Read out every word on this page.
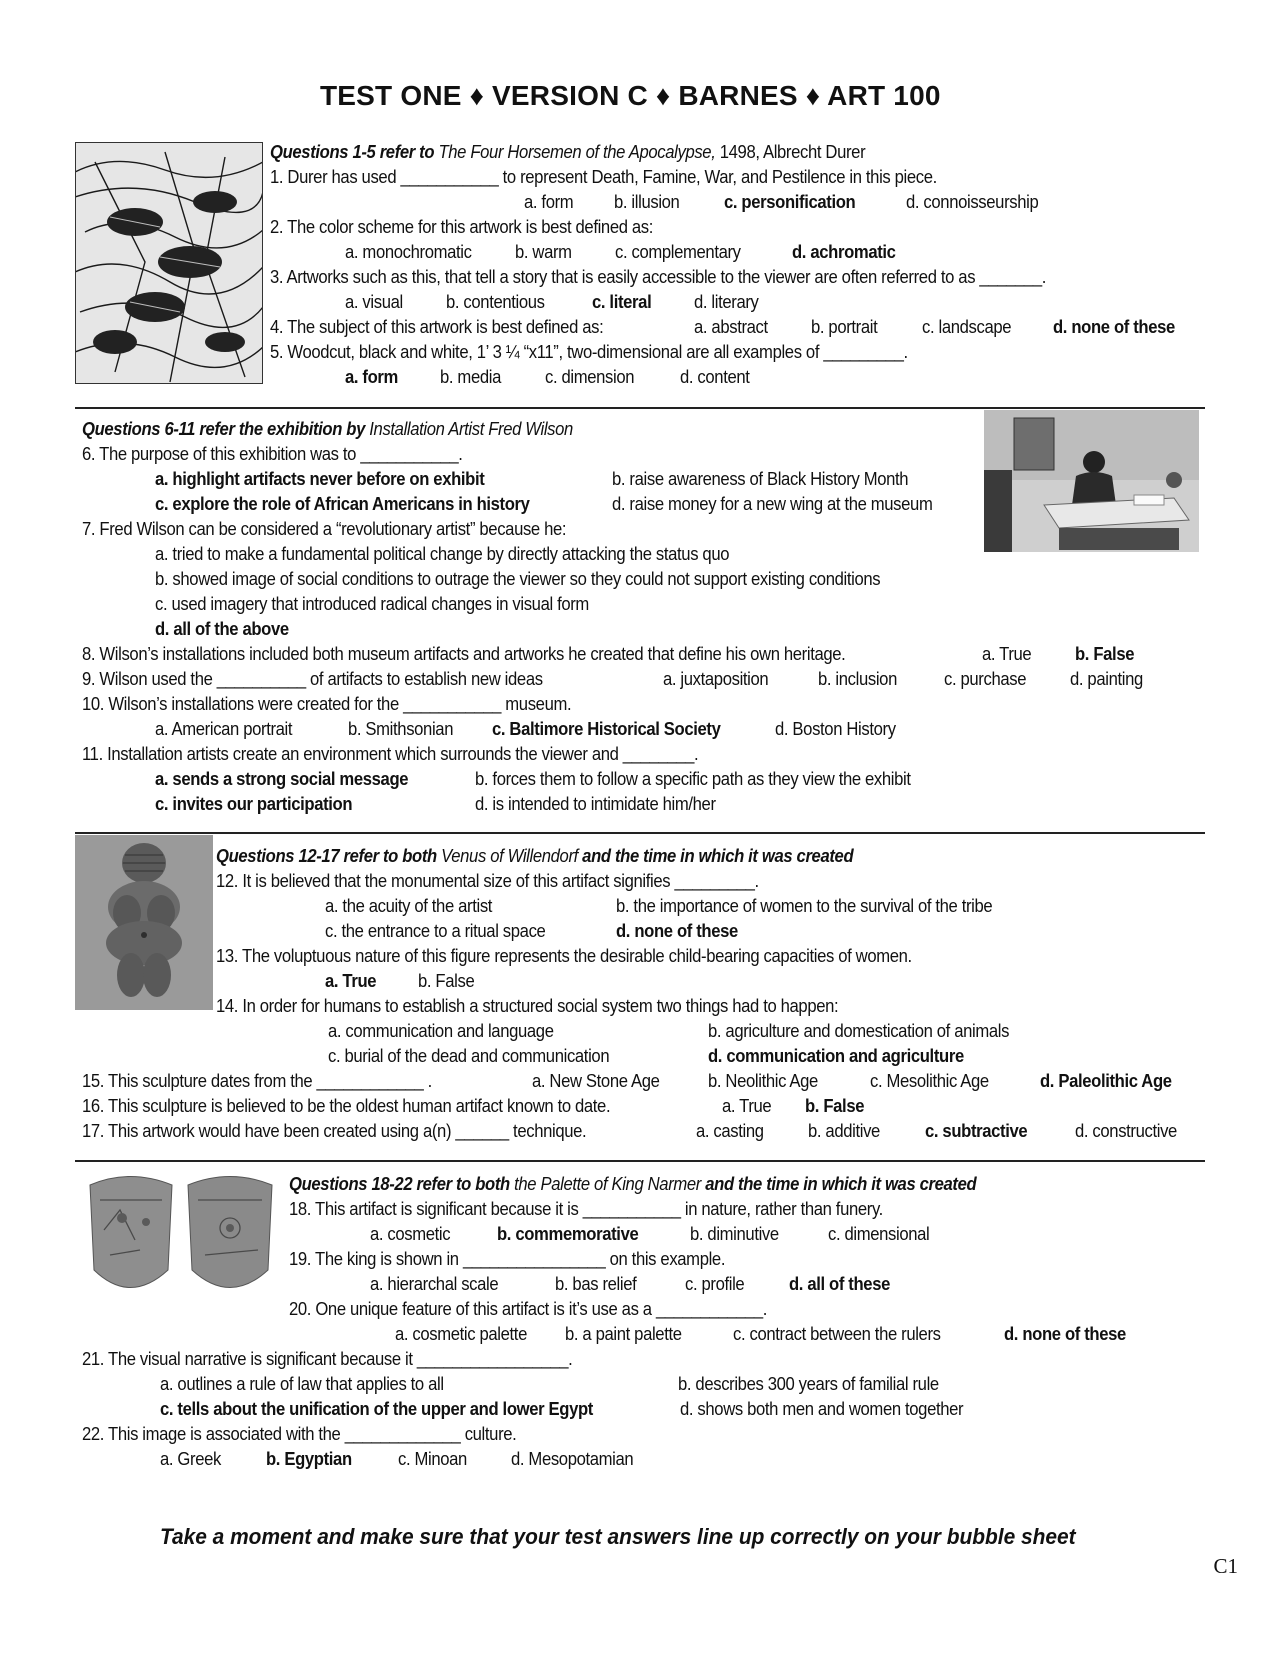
TEST ONE ♦ VERSION C ♦ BARNES ♦ ART 100
Questions 1-5 refer to The Four Horsemen of the Apocalypse, 1498, Albrecht Durer
1. Durer has used ___________ to represent Death, Famine, War, and Pestilence in this piece.
a. form b. illusion c. personification	d. connoisseurship
2. The color scheme for this artwork is best defined as:
a. monochromatic b. warm c. complementary	d. achromatic
3. Artworks such as this, that tell a story that is easily accessible to the viewer are often referred to as _______.
a. visual b. contentious	c. literal d. literary
4. The subject of this artwork is best defined as:	a. abstract b. portrait c. landscape d. none of these
5. Woodcut, black and white, 1’ 3 ¼ “x11”, two-dimensional are all examples of _________.
a. form b. media c. dimension d. content
Questions 6-11 refer the exhibition by Installation Artist Fred Wilson
6. The purpose of this exhibition was to ___________.
a. highlight artifacts never before on exhibit	b. raise awareness of Black History Month
c. explore the role of African Americans in history	d. raise money for a new wing at the museum
7. Fred Wilson can be considered a “revolutionary artist” because he:
a. tried to make a fundamental political change by directly attacking the status quo
b. showed image of social conditions to outrage the viewer so they could not support existing conditions
c. used imagery that introduced radical changes in visual form
d. all of the above
8. Wilson’s installations included both museum artifacts and artworks he created that define his own heritage.	a. True b. False
9. Wilson used the __________ of artifacts to establish new ideas	a. juxtaposition	b. inclusion	c. purchase d. painting
10. Wilson’s installations were created for the ___________ museum.
a. American portrait	b. Smithsonian c. Baltimore Historical Society	d. Boston History
11. Installation artists create an environment which surrounds the viewer and ________.
a. sends a strong social message	b. forces them to follow a specific path as they view the exhibit
c. invites our participation	d. is intended to intimidate him/her
Questions 12-17 refer to both Venus of Willendorf and the time in which it was created
12. It is believed that the monumental size of this artifact signifies _________.
a. the acuity of the artist	b. the importance of women to the survival of the tribe
c. the entrance to a ritual space	d. none of these
13. The voluptuous nature of this figure represents the desirable child-bearing capacities of women.
a. True b. False
14. In order for humans to establish a structured social system two things had to happen:
a. communication and language	b. agriculture and domestication of animals
c. burial of the dead and communication	d. communication and agriculture
15. This sculpture dates from the ____________ .	a. New Stone Age	b. Neolithic Age	c. Mesolithic Age	d. Paleolithic Age
16. This sculpture is believed to be the oldest human artifact known to date.	a. True b. False
17. This artwork would have been created using a(n) ______ technique.	a. casting b. additive c. subtractive	d. constructive
Questions 18-22 refer to both the Palette of King Narmer and the time in which it was created
18. This artifact is significant because it is ___________ in nature, rather than funery.
a. cosmetic	b. commemorative	b. diminutive	c. dimensional
19. The king is shown in ________________ on this example.
a. hierarchal scale	b. bas relief	c. profile d. all of these
20. One unique feature of this artifact is it’s use as a ____________.
a. cosmetic palette b. a paint palette	c. contract between the rulers	d. none of these
21. The visual narrative is significant because it _________________.
a. outlines a rule of law that applies to all	b. describes 300 years of familial rule
c. tells about the unification of the upper and lower Egypt	d. shows both men and women together
22. This image is associated with the _____________ culture.
a. Greek b. Egyptian c. Minoan d. Mesopotamian
Take a moment and make sure that your test answers line up correctly on your bubble sheet
C1
